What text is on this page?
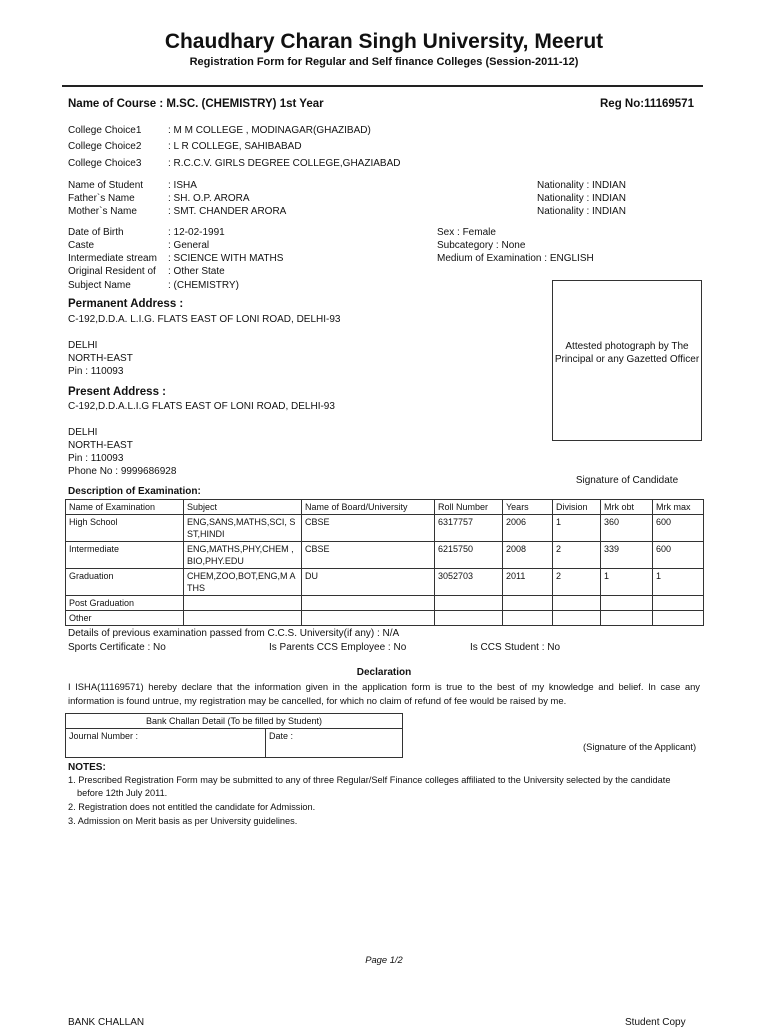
Chaudhary Charan Singh University, Meerut
Registration Form for Regular and Self finance Colleges (Session-2011-12)
Name of Course : M.SC. (CHEMISTRY) 1st Year	Reg No:11169571
College Choice1	: M M COLLEGE , MODINAGAR(GHAZIBAD)
College Choice2	: L R COLLEGE, SAHIBABAD
College Choice3	: R.C.C.V. GIRLS DEGREE COLLEGE,GHAZIABAD
Name of Student : ISHA	Nationality : INDIAN
Father`s Name	: SH. O.P. ARORA	Nationality : INDIAN
Mother`s Name	: SMT. CHANDER ARORA	Nationality : INDIAN
Date of Birth	: 12-02-1991	Sex : Female
Caste	: General	Subcategory : None
Intermediate stream : SCIENCE WITH MATHS	Medium of Examination : ENGLISH
Original Resident of : Other State
Subject Name	: (CHEMISTRY)
Permanent Address :
C-192,D.D.A. L.I.G. FLATS EAST OF LONI ROAD, DELHI-93
DELHI
NORTH-EAST
Pin : 110093
Present Address :
C-192,D.D.A.L.I.G FLATS EAST OF LONI ROAD, DELHI-93
DELHI
NORTH-EAST
Pin : 110093
Phone No : 9999686928
Attested photograph by The Principal or any Gazetted Officer
Signature of Candidate
Description of Examination:
Name of Examination	Subject	Name of Board/University	Roll Number	Years	Division	Mrk obt	Mrk max
High School	ENG,SANS,MATHS,SCI, SST,HINDI	CBSE	6317757	2006	1	360	600
Intermediate	ENG,MATHS,PHY,CHEM ,BIO,PHY.EDU	CBSE	6215750	2008	2	339	600
Graduation	CHEM,ZOO,BOT,ENG,M ATHS	DU	3052703	2011	2	1	1
Post Graduation							
Other							
Details of previous examination passed from C.C.S. University(if any) : N/A
Sports Certificate : No	Is Parents CCS Employee : No	Is CCS Student : No
Declaration
I ISHA(11169571) hereby declare that the information given in the application form is true to the best of my knowledge and belief. In case any information is found untrue, my registration may be cancelled, for which no claim of refund of fee would be raised by me.
Bank Challan Detail (To be filled by Student)
Journal Number :	Date :
(Signature of the Applicant)
NOTES:
1. Prescribed Registration Form may be submitted to any of three Regular/Self Finance colleges affiliated to the University selected by the candidate
before 12th July 2011.
2. Registration does not entitled the candidate for Admission.
3. Admission on Merit basis as per University guidelines.
Page 1/2
BANK CHALLAN	Student Copy
